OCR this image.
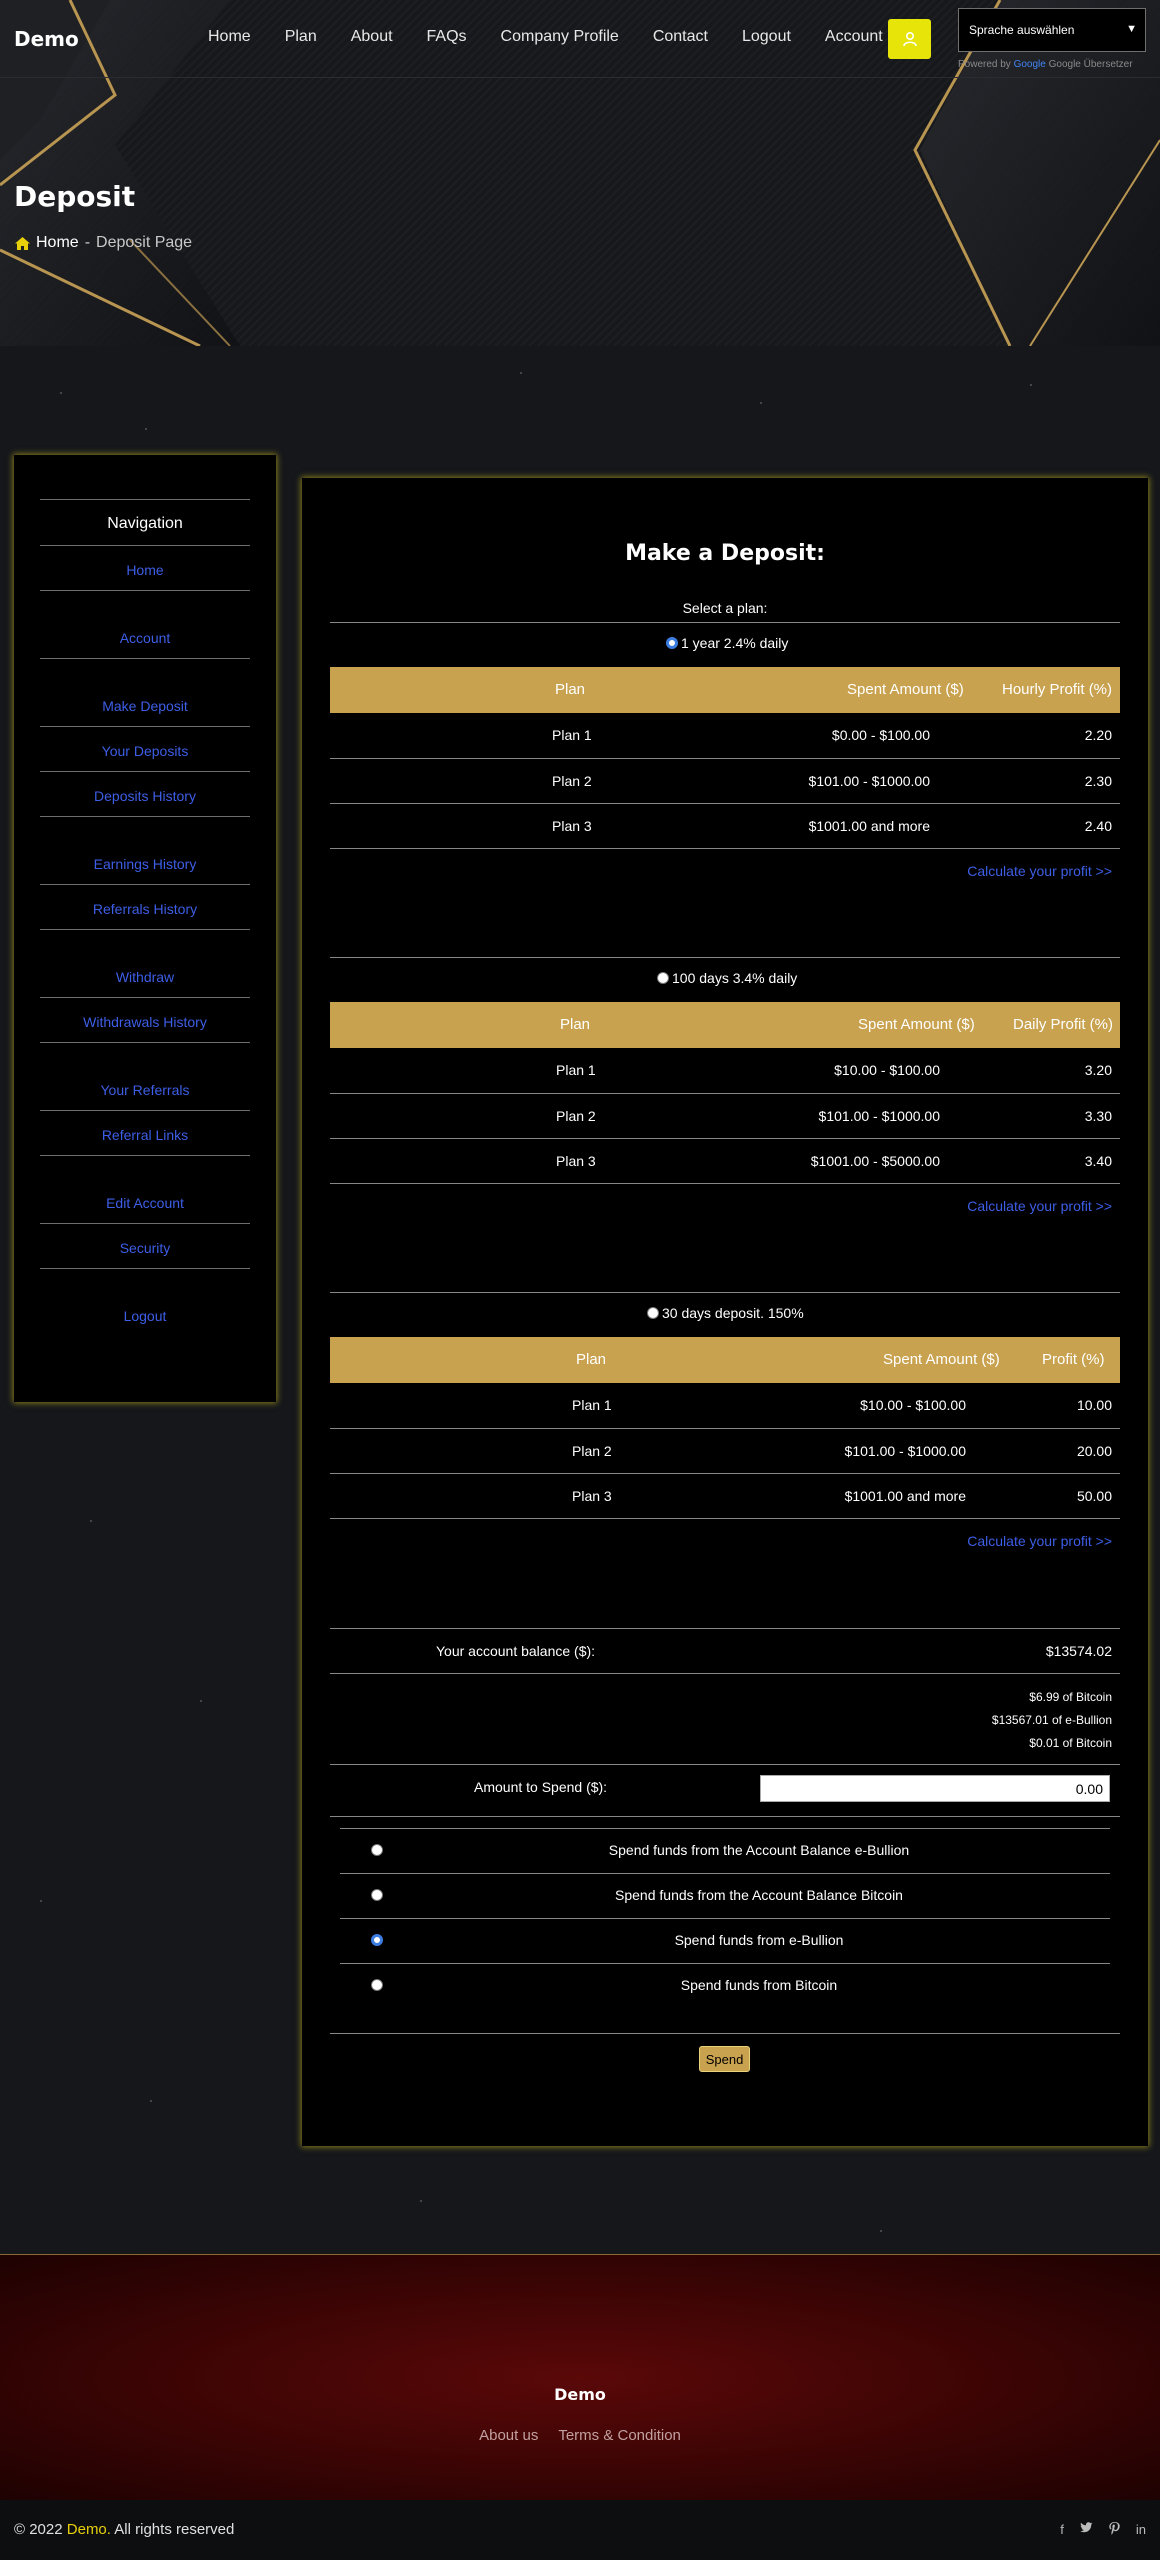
Demo	Home Plan About FAQs Company Profile Contact Logout Account	Sprache auswählen	▼
Powered by Google Google Übersetzer
Deposit
Home - Deposit Page
Navigation
Home
Account
Make Deposit
Your Deposits
Deposits History
Earnings History
Referrals History
Withdraw
Withdrawals History
Your Referrals
Referral Links
Edit Account
Security
Logout
Make a Deposit:
Select a plan:
1 year 2.4% daily
Plan	Spent Amount ($)	Hourly Profit (%)
Plan 1	$0.00 - $100.00	2.20
Plan 2	$101.00 - $1000.00	2.30
Plan 3	$1001.00 and more	2.40
Calculate your profit >>
100 days 3.4% daily
Plan	Spent Amount ($)	Daily Profit (%)
Plan 1	$10.00 - $100.00	3.20
Plan 2	$101.00 - $1000.00	3.30
Plan 3	$1001.00 - $5000.00	3.40
Calculate your profit >>
30 days deposit. 150%
Plan	Spent Amount ($)	Profit (%)
Plan 1	$10.00 - $100.00	10.00
Plan 2	$101.00 - $1000.00	20.00
Plan 3	$1001.00 and more	50.00
Calculate your profit >>
Your account balance ($):	$13574.02
$6.99 of Bitcoin
$13567.01 of e-Bullion
$0.01 of Bitcoin
Amount to Spend ($):	0.00
Spend funds from the Account Balance e-Bullion
Spend funds from the Account Balance Bitcoin
Spend funds from e-Bullion
Spend funds from Bitcoin
Spend
Demo
About us Terms & Condition
© 2022 Demo. All rights reserved	f	in
